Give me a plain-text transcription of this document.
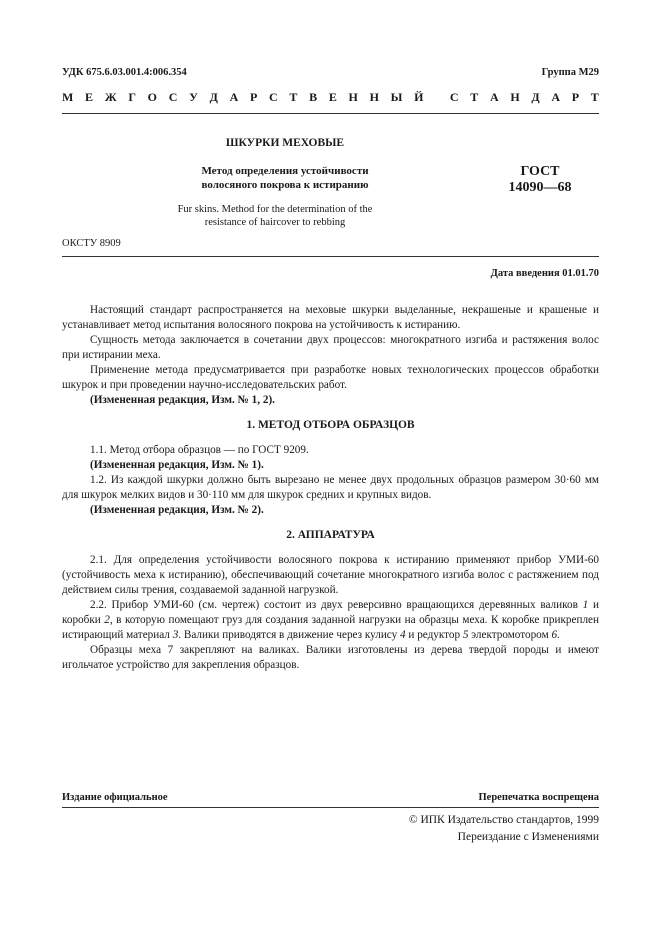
УДК 675.6.03.001.4:006.354	Группа М29
М Е Ж Г О С У Д А Р С Т В Е Н Н Ы Й
С Т А Н Д А Р Т
ШКУРКИ МЕХОВЫЕ
Метод определения устойчивости
волосяного покрова к истиранию
Fur skins. Method for the determination of the
resistance of haircover to rebbing
ГОСТ
14090—68
ОКСТУ 8909
Дата введения 01.01.70

Настоящий стандарт распространяется на меховые шкурки выделанные, некрашеные и крашеные и устанавливает метод испытания волосяного покрова на устойчивость к истиранию.

Сущность метода заключается в сочетании двух процессов: многократного изгиба и растяжения волос при истирании меха.

Применение метода предусматривается при разработке новых технологических процессов обработки шкурок и при проведении научно-исследовательских работ.

(Измененная редакция, Изм. № 1, 2).

1. МЕТОД ОТБОРА ОБРАЗЦОВ

1.1. Метод отбора образцов — по ГОСТ 9209.

(Измененная редакция, Изм. № 1).

1.2. Из каждой шкурки должно быть вырезано не менее двух продольных образцов размером 30·60 мм для шкурок мелких видов и 30·110 мм для шкурок средних и крупных видов.

(Измененная редакция, Изм. № 2).

2. АППАРАТУРА

2.1. Для определения устойчивости волосяного покрова к истиранию применяют прибор УМИ-60 (устойчивость меха к истиранию), обеспечивающий сочетание многократного изгиба волос с растяжением под действием силы трения, создаваемой заданной нагрузкой.

2.2. Прибор УМИ-60 (см. чертеж) состоит из двух реверсивно вращающихся деревянных валиков 1 и коробки 2, в которую помещают груз для создания заданной нагрузки на образцы меха. К коробке прикреплен истирающий материал 3. Валики приводятся в движение через кулису 4 и редуктор 5 электромотором 6.

Образцы меха 7 закрепляют на валиках. Валики изготовлены из дерева твердой породы и имеют игольчатое устройство для закрепления образцов.

Издание официальное	Перепечатка воспрещена
© ИПК Издательство стандартов, 1999
Переиздание с Изменениями
